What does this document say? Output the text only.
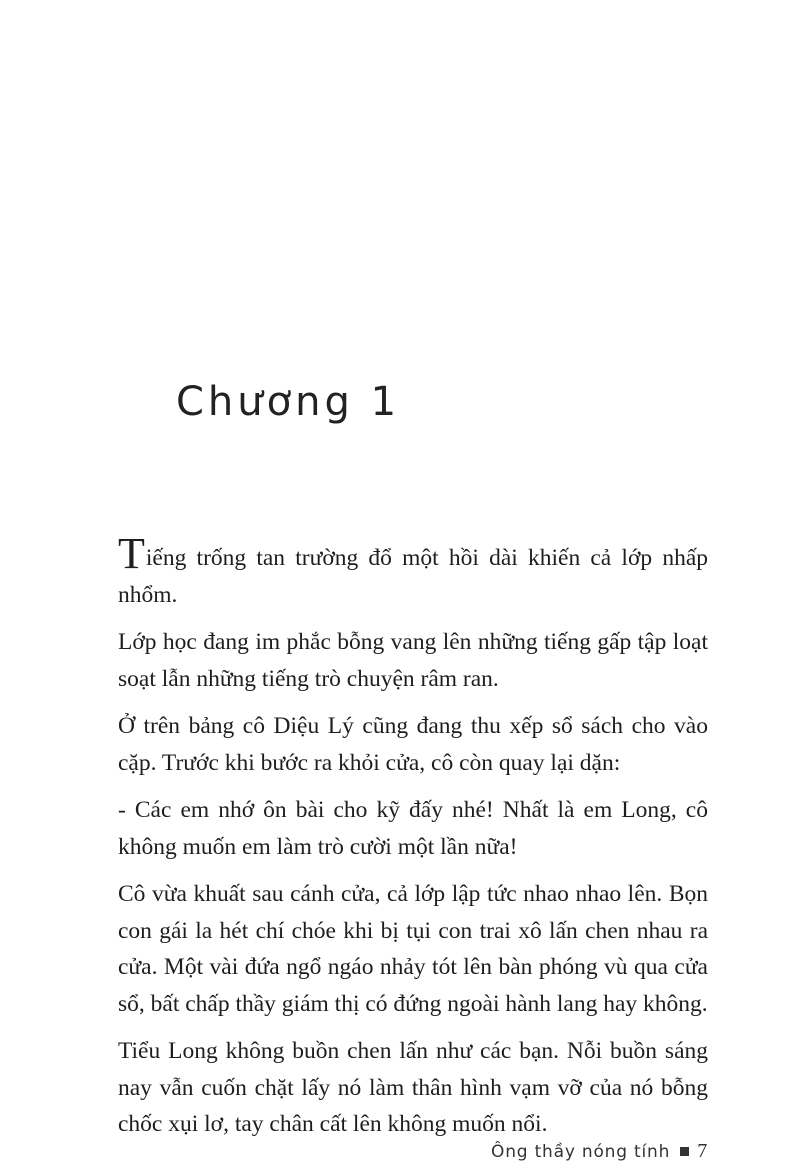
Chương 1

Tiếng trống tan trường đổ một hồi dài khiến cả lớp nhấp nhổm.

Lớp học đang im phắc bỗng vang lên những tiếng gấp tập loạt soạt lẫn những tiếng trò chuyện râm ran.

Ở trên bảng cô Diệu Lý cũng đang thu xếp sổ sách cho vào cặp. Trước khi bước ra khỏi cửa, cô còn quay lại dặn:

- Các em nhớ ôn bài cho kỹ đấy nhé! Nhất là em Long, cô không muốn em làm trò cười một lần nữa!

Cô vừa khuất sau cánh cửa, cả lớp lập tức nhao nhao lên. Bọn con gái la hét chí chóe khi bị tụi con trai xô lấn chen nhau ra cửa. Một vài đứa ngổ ngáo nhảy tót lên bàn phóng vù qua cửa sổ, bất chấp thầy giám thị có đứng ngoài hành lang hay không.

Tiểu Long không buồn chen lấn như các bạn. Nỗi buồn sáng nay vẫn cuốn chặt lấy nó làm thân hình vạm vỡ của nó bỗng chốc xụi lơ, tay chân cất lên không muốn nổi.

Ông thầy nóng tính 7
